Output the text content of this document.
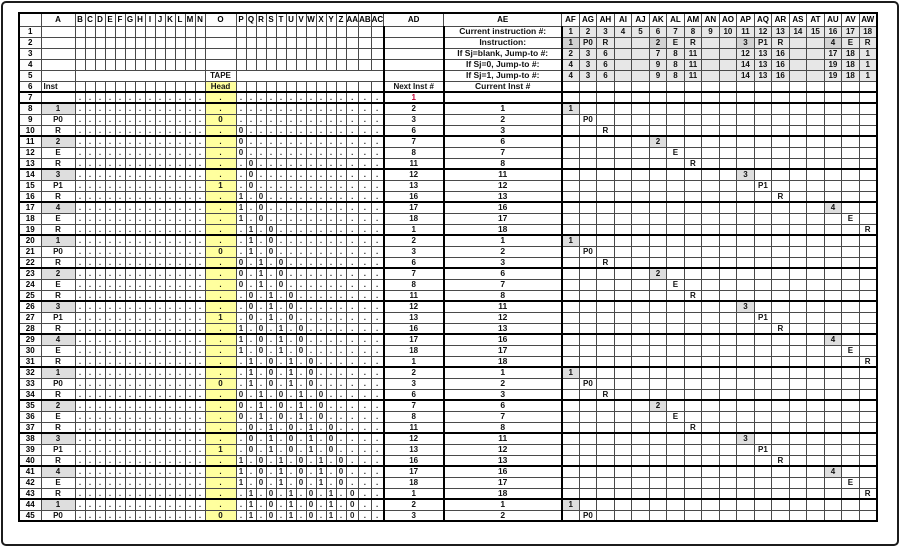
	A	B	C	D	E	F	G	H	I	J	K	L	M	N	O	P	Q	R	S	T	U	V	W	X	Y	Z	AA	AB	AC	AD	AE	AF	AG	AH	AI	AJ	AK	AL	AM	AN	AO	AP	AQ	AR	AS	AT	AU	AV	AW
1																															Current instruction #:	1	2	3	4	5	6	7	8	9	10	11	12	13	14	15	16	17	18
2																															Instruction:	1	P0	R			2	E	R			3	P1	R			4	E	R
3																															If Sj=blank, Jump-to #:	2	3	6			7	8	11			12	13	16			17	18	1
4																															If Sj=0, Jump-to #:	4	3	6			9	8	11			14	13	16			19	18	1
5															TAPE																If Sj=1, Jump-to #:	4	3	6			9	8	11			14	13	16			19	18	1
6	Inst														Head															Next Inst #	Current Inst #																		
7		.	.	.	.	.	.	.	.	.	.	.	.	.	.	.	.	.	.	.	.	.	.	.	.	.	.	.	.	1																			
8	1	.	.	.	.	.	.	.	.	.	.	.	.	.	.	.	.	.	.	.	.	.	.	.	.	.	.	.	.	2	1	1																	
9	P0	.	.	.	.	.	.	.	.	.	.	.	.	.	0	.	.	.	.	.	.	.	.	.	.	.	.	.	.	3	2		P0																
10	R	.	.	.	.	.	.	.	.	.	.	.	.	.	.	0	.	.	.	.	.	.	.	.	.	.	.	.	.	6	3			R															
11	2	.	.	.	.	.	.	.	.	.	.	.	.	.	.	0	.	.	.	.	.	.	.	.	.	.	.	.	.	7	6						2												
12	E	.	.	.	.	.	.	.	.	.	.	.	.	.	.	0	.	.	.	.	.	.	.	.	.	.	.	.	.	8	7							E											
13	R	.	.	.	.	.	.	.	.	.	.	.	.	.	.	.	0	.	.	.	.	.	.	.	.	.	.	.	.	11	8								R										
14	3	.	.	.	.	.	.	.	.	.	.	.	.	.	.	.	0	.	.	.	.	.	.	.	.	.	.	.	.	12	11											3							
15	P1	.	.	.	.	.	.	.	.	.	.	.	.	.	1	.	0	.	.	.	.	.	.	.	.	.	.	.	.	13	12												P1						
16	R	.	.	.	.	.	.	.	.	.	.	.	.	.	.	1	.	0	.	.	.	.	.	.	.	.	.	.	.	16	13													R					
17	4	.	.	.	.	.	.	.	.	.	.	.	.	.	.	1	.	0	.	.	.	.	.	.	.	.	.	.	.	17	16																4		
18	E	.	.	.	.	.	.	.	.	.	.	.	.	.	.	1	.	0	.	.	.	.	.	.	.	.	.	.	.	18	17																	E	
19	R	.	.	.	.	.	.	.	.	.	.	.	.	.	.	.	1	.	0	.	.	.	.	.	.	.	.	.	.	1	18																		R
20	1	.	.	.	.	.	.	.	.	.	.	.	.	.	.	.	1	.	0	.	.	.	.	.	.	.	.	.	.	2	1	1																	
21	P0	.	.	.	.	.	.	.	.	.	.	.	.	.	0	.	1	.	0	.	.	.	.	.	.	.	.	.	.	3	2		P0																
22	R	.	.	.	.	.	.	.	.	.	.	.	.	.	.	0	.	1	.	0	.	.	.	.	.	.	.	.	.	6	3			R															
23	2	.	.	.	.	.	.	.	.	.	.	.	.	.	.	0	.	1	.	0	.	.	.	.	.	.	.	.	.	7	6						2												
24	E	.	.	.	.	.	.	.	.	.	.	.	.	.	.	0	.	1	.	0	.	.	.	.	.	.	.	.	.	8	7							E											
25	R	.	.	.	.	.	.	.	.	.	.	.	.	.	.	.	0	.	1	.	0	.	.	.	.	.	.	.	.	11	8								R										
26	3	.	.	.	.	.	.	.	.	.	.	.	.	.	.	.	0	.	1	.	0	.	.	.	.	.	.	.	.	12	11											3							
27	P1	.	.	.	.	.	.	.	.	.	.	.	.	.	1	.	0	.	1	.	0	.	.	.	.	.	.	.	.	13	12												P1						
28	R	.	.	.	.	.	.	.	.	.	.	.	.	.	.	1	.	0	.	1	.	0	.	.	.	.	.	.	.	16	13													R					
29	4	.	.	.	.	.	.	.	.	.	.	.	.	.	.	1	.	0	.	1	.	0	.	.	.	.	.	.	.	17	16																4		
30	E	.	.	.	.	.	.	.	.	.	.	.	.	.	.	1	.	0	.	1	.	0	.	.	.	.	.	.	.	18	17																	E	
31	R	.	.	.	.	.	.	.	.	.	.	.	.	.	.	.	1	.	0	.	1	.	0	.	.	.	.	.	.	1	18																		R
32	1	.	.	.	.	.	.	.	.	.	.	.	.	.	.	.	1	.	0	.	1	.	0	.	.	.	.	.	.	2	1	1																	
33	P0	.	.	.	.	.	.	.	.	.	.	.	.	.	0	.	1	.	0	.	1	.	0	.	.	.	.	.	.	3	2		P0																
34	R	.	.	.	.	.	.	.	.	.	.	.	.	.	.	0	.	1	.	0	.	1	.	0	.	.	.	.	.	6	3			R															
35	2	.	.	.	.	.	.	.	.	.	.	.	.	.	.	0	.	1	.	0	.	1	.	0	.	.	.	.	.	7	6						2												
36	E	.	.	.	.	.	.	.	.	.	.	.	.	.	.	0	.	1	.	0	.	1	.	0	.	.	.	.	.	8	7							E											
37	R	.	.	.	.	.	.	.	.	.	.	.	.	.	.	.	0	.	1	.	0	.	1	.	0	.	.	.	.	11	8								R										
38	3	.	.	.	.	.	.	.	.	.	.	.	.	.	.	.	0	.	1	.	0	.	1	.	0	.	.	.	.	12	11											3							
39	P1	.	.	.	.	.	.	.	.	.	.	.	.	.	1	.	0	.	1	.	0	.	1	.	0	.	.	.	.	13	12												P1						
40	R	.	.	.	.	.	.	.	.	.	.	.	.	.	.	1	.	0	.	1	.	0	.	1	.	0	.	.	.	16	13													R					
41	4	.	.	.	.	.	.	.	.	.	.	.	.	.	.	1	.	0	.	1	.	0	.	1	.	0	.	.	.	17	16																4		
42	E	.	.	.	.	.	.	.	.	.	.	.	.	.	.	1	.	0	.	1	.	0	.	1	.	0	.	.	.	18	17																	E	
43	R	.	.	.	.	.	.	.	.	.	.	.	.	.	.	.	1	.	0	.	1	.	0	.	1	.	0	.	.	1	18																		R
44	1	.	.	.	.	.	.	.	.	.	.	.	.	.	.	.	1	.	0	.	1	.	0	.	1	.	0	.	.	2	1	1																	
45	P0	.	.	.	.	.	.	.	.	.	.	.	.	.	0	.	1	.	0	.	1	.	0	.	1	.	0	.	.	3	2		P0																
